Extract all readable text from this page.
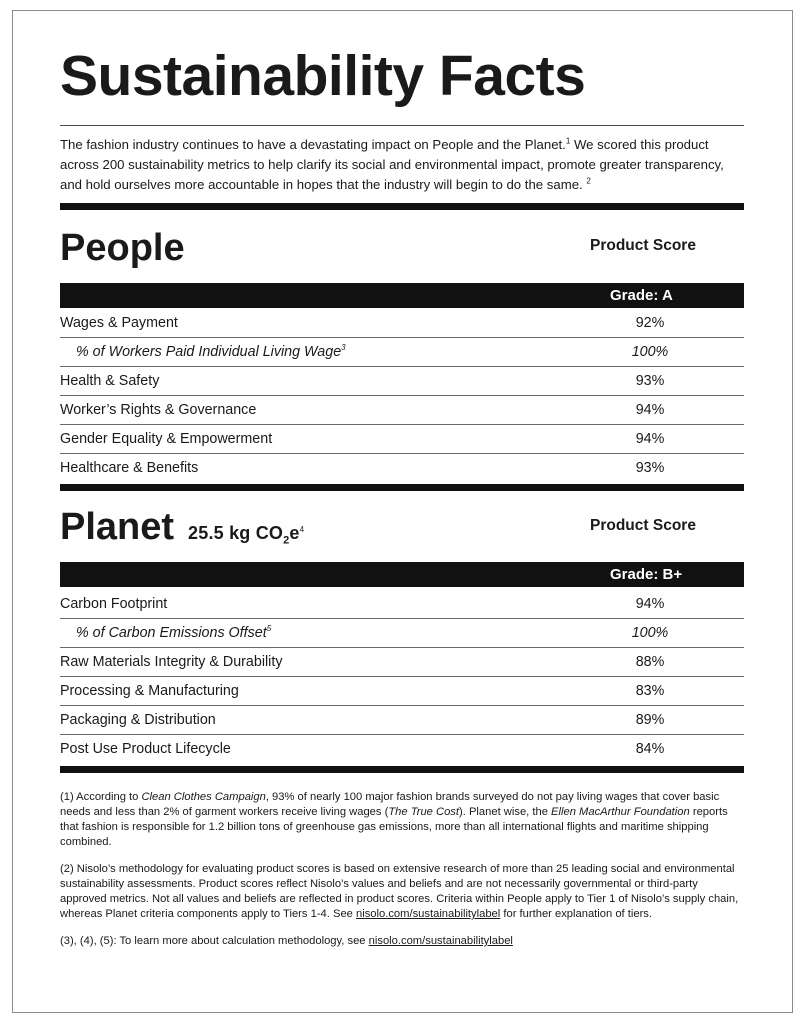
Sustainability Facts
The fashion industry continues to have a devastating impact on People and the Planet.$^1$ We scored this product across 200 sustainability metrics to help clarify its social and environmental impact, promote greater transparency, and hold ourselves more accountable in hopes that the industry will begin to do the same. $^2$
People	Product Score
Grade: A
Wages & Payment	92%
% of Workers Paid Individual Living Wage$^3$	100%
Health & Safety	93%
Worker’s Rights & Governance	94%
Gender Equality & Empowerment	94%
Healthcare & Benefits	93%
Planet 25.5 kg $CO_2e^4$	Product Score
Grade: B+
Carbon Footprint	94%
% of Carbon Emissions Offset$^5$	100%
Raw Materials Integrity & Durability	88%
Processing & Manufacturing	83%
Packaging & Distribution	89%
Post Use Product Lifecycle	84%

(1) According to Clean Clothes Campaign, 93% of nearly 100 major fashion brands surveyed do not pay living wages that cover basic needs and less than 2% of garment workers receive living wages (The True Cost). Planet wise, the Ellen MacArthur Foundation reports that fashion is responsible for 1.2 billion tons of greenhouse gas emissions, more than all international flights and maritime shipping combined.

(2) Nisolo’s methodology for evaluating product scores is based on extensive research of more than 25 leading social and environmental sustainability assessments. Product scores reflect Nisolo’s values and beliefs and are not necessarily governmental or third-party approved metrics. Not all values and beliefs are reflected in product scores. Criteria within People apply to Tier 1 of Nisolo’s supply chain, whereas Planet criteria components apply to Tiers 1-4. See nisolo.com/sustainabilitylabel for further explanation of tiers.

(3), (4), (5): To learn more about calculation methodology, see nisolo.com/sustainabilitylabel
